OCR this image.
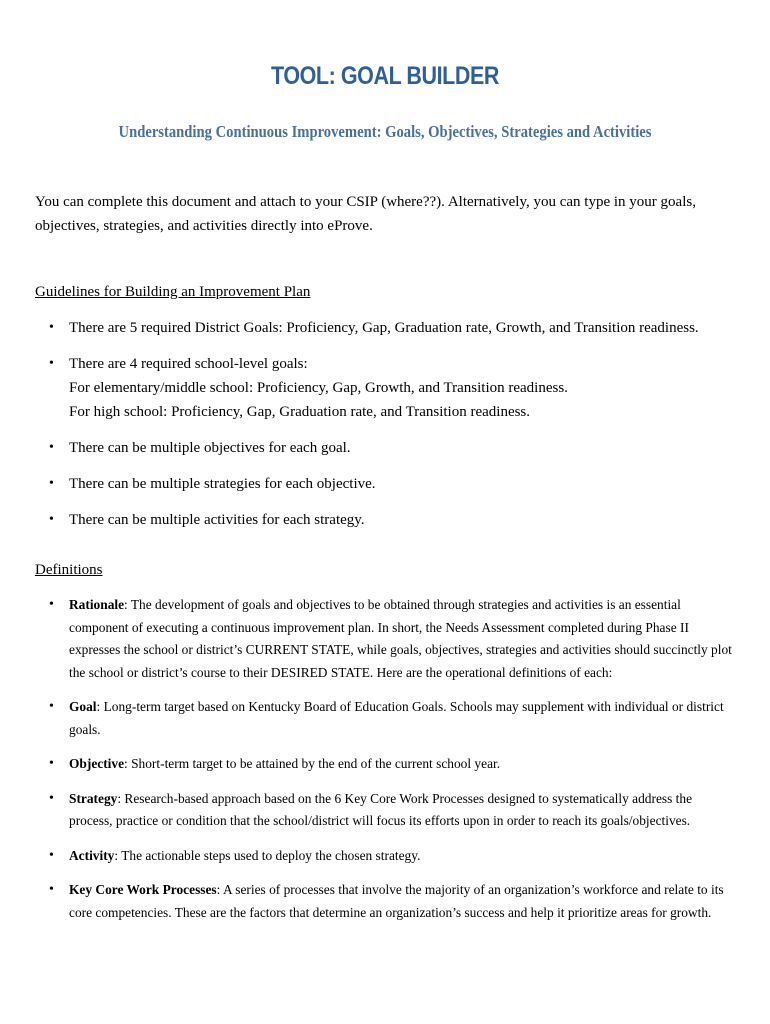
TOOL: GOAL BUILDER
Understanding Continuous Improvement: Goals, Objectives, Strategies and Activities
You can complete this document and attach to your CSIP (where??). Alternatively, you can type in your goals, objectives, strategies, and activities directly into eProve.
Guidelines for Building an Improvement Plan
• There are 5 required District Goals: Proficiency, Gap, Graduation rate, Growth, and Transition readiness.
• There are 4 required school-level goals:
For elementary/middle school: Proficiency, Gap, Growth, and Transition readiness.
For high school: Proficiency, Gap, Graduation rate, and Transition readiness.
• There can be multiple objectives for each goal.
• There can be multiple strategies for each objective.
• There can be multiple activities for each strategy.
Definitions
• Rationale: The development of goals and objectives to be obtained through strategies and activities is an essential component of executing a continuous improvement plan. In short, the Needs Assessment completed during Phase II expresses the school or district’s CURRENT STATE, while goals, objectives, strategies and activities should succinctly plot the school or district’s course to their DESIRED STATE. Here are the operational definitions of each:
• Goal: Long-term target based on Kentucky Board of Education Goals. Schools may supplement with individual or district goals.
• Objective: Short-term target to be attained by the end of the current school year.
• Strategy: Research-based approach based on the 6 Key Core Work Processes designed to systematically address the process, practice or condition that the school/district will focus its efforts upon in order to reach its goals/objectives.
• Activity: The actionable steps used to deploy the chosen strategy.
• Key Core Work Processes: A series of processes that involve the majority of an organization’s workforce and relate to its core competencies. These are the factors that determine an organization’s success and help it prioritize areas for growth.
